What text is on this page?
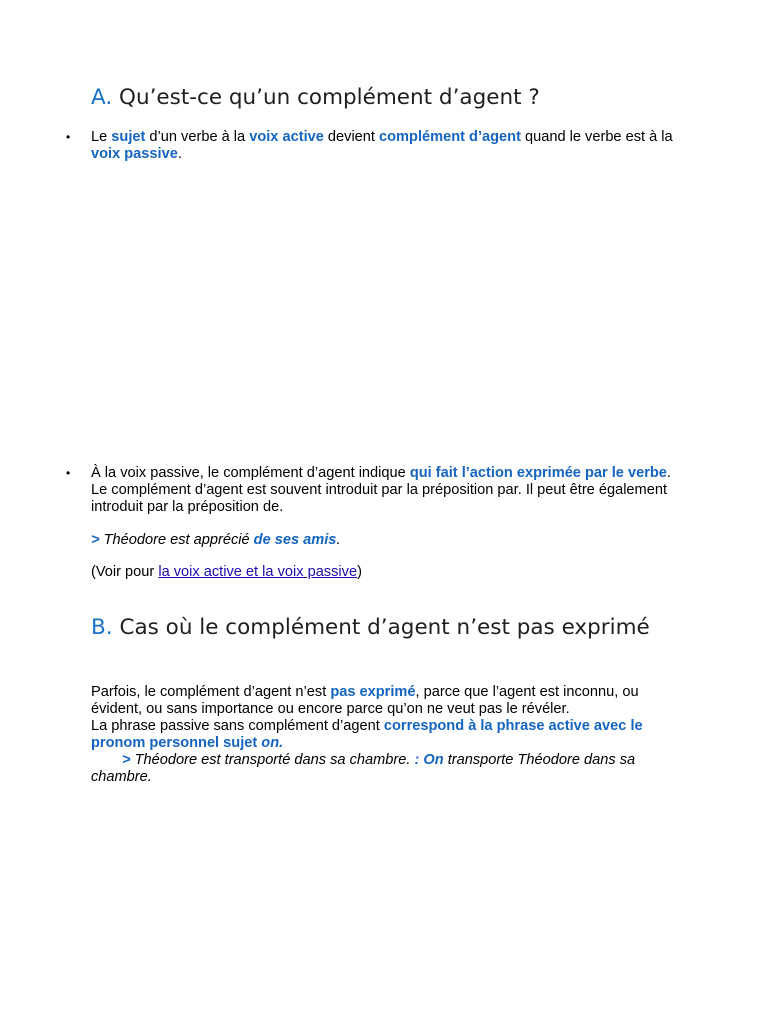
A. Qu’est-ce qu’un complément d’agent ?
• Le sujet d’un verbe à la voix active devient complément d’agent quand le verbe est à la voix passive.

• À la voix passive, le complément d’agent indique qui fait l’action exprimée par le verbe. Le complément d’agent est souvent introduit par la préposition par. Il peut être également introduit par la préposition de.

> Théodore est apprécié de ses amis.

(Voir pour la voix active et la voix passive)

B. Cas où le complément d’agent n’est pas exprimé

Parfois, le complément d’agent n’est pas exprimé, parce que l’agent est inconnu, ou évident, ou sans importance ou encore parce qu’on ne veut pas le révéler.
La phrase passive sans complément d’agent correspond à la phrase active avec le pronom personnel sujet on.
> Théodore est transporté dans sa chambre. : On transporte Théodore dans sa chambre.
